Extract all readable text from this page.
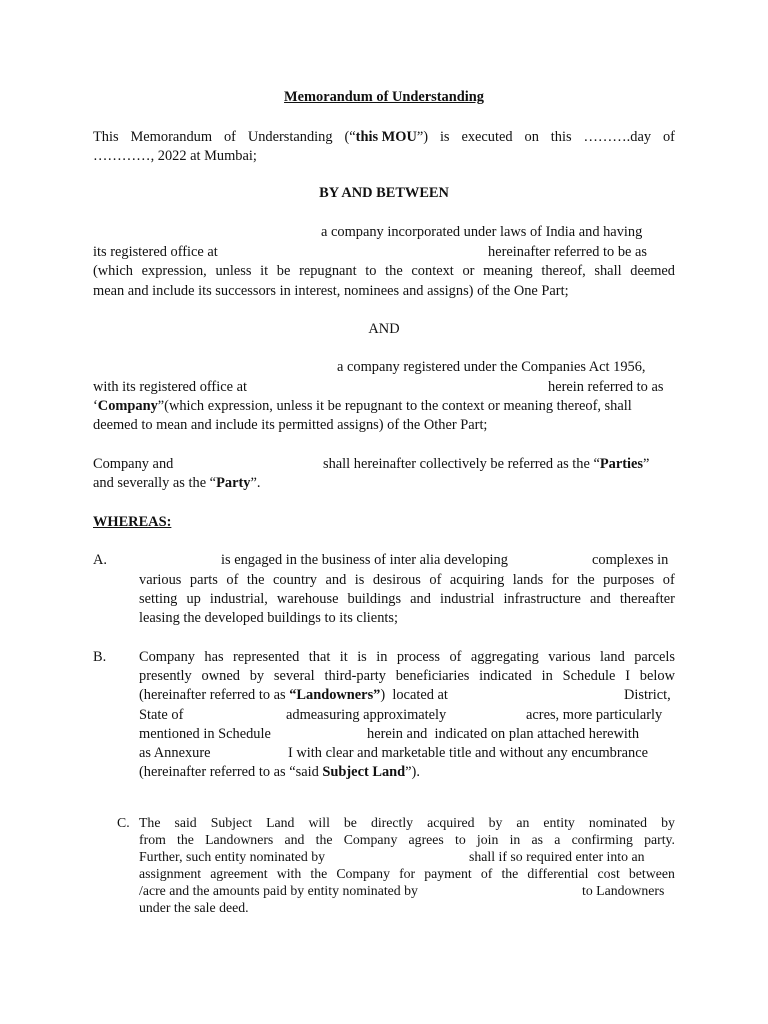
Memorandum of Understanding
This Memorandum of Understanding (“this MOU”) is executed on this ……….day of
…………, 2022 at Mumbai;
BY AND BETWEEN
a company incorporated under laws of India and having
its registered office at	hereinafter referred to be as
(which expression, unless it be repugnant to the context or meaning thereof, shall deemed
mean and include its successors in interest, nominees and assigns) of the One Part;
AND
a company registered under the Companies Act 1956,
with its registered office at	herein referred to as
‘Company”(which expression, unless it be repugnant to the context or meaning thereof, shall
deemed to mean and include its permitted assigns) of the Other Part;
Company and	shall hereinafter collectively be referred as the “Parties”
and severally as the “Party”.
WHEREAS:
A.	is engaged in the business of inter alia developing	complexes in
various parts of the country and is desirous of acquiring lands for the purposes of
setting up industrial, warehouse buildings and industrial infrastructure and thereafter
leasing the developed buildings to its clients;
B. Company has represented that it is in process of aggregating various land parcels
presently owned by several third-party beneficiaries indicated in Schedule I below
(hereinafter referred to as “Landowners”)  located at	District,
State of	admeasuring approximately	acres, more particularly
mentioned in Schedule	herein and  indicated on plan attached herewith
as Annexure	I with clear and marketable title and without any encumbrance
(hereinafter referred to as “said Subject Land”).
C. The said Subject Land will be directly acquired by an entity nominated by
from the Landowners and the Company agrees to join in as a confirming party.
Further, such entity nominated by	shall if so required enter into an
assignment agreement with the Company for payment of the differential cost between
/acre and the amounts paid by entity nominated by	to Landowners
under the sale deed.
